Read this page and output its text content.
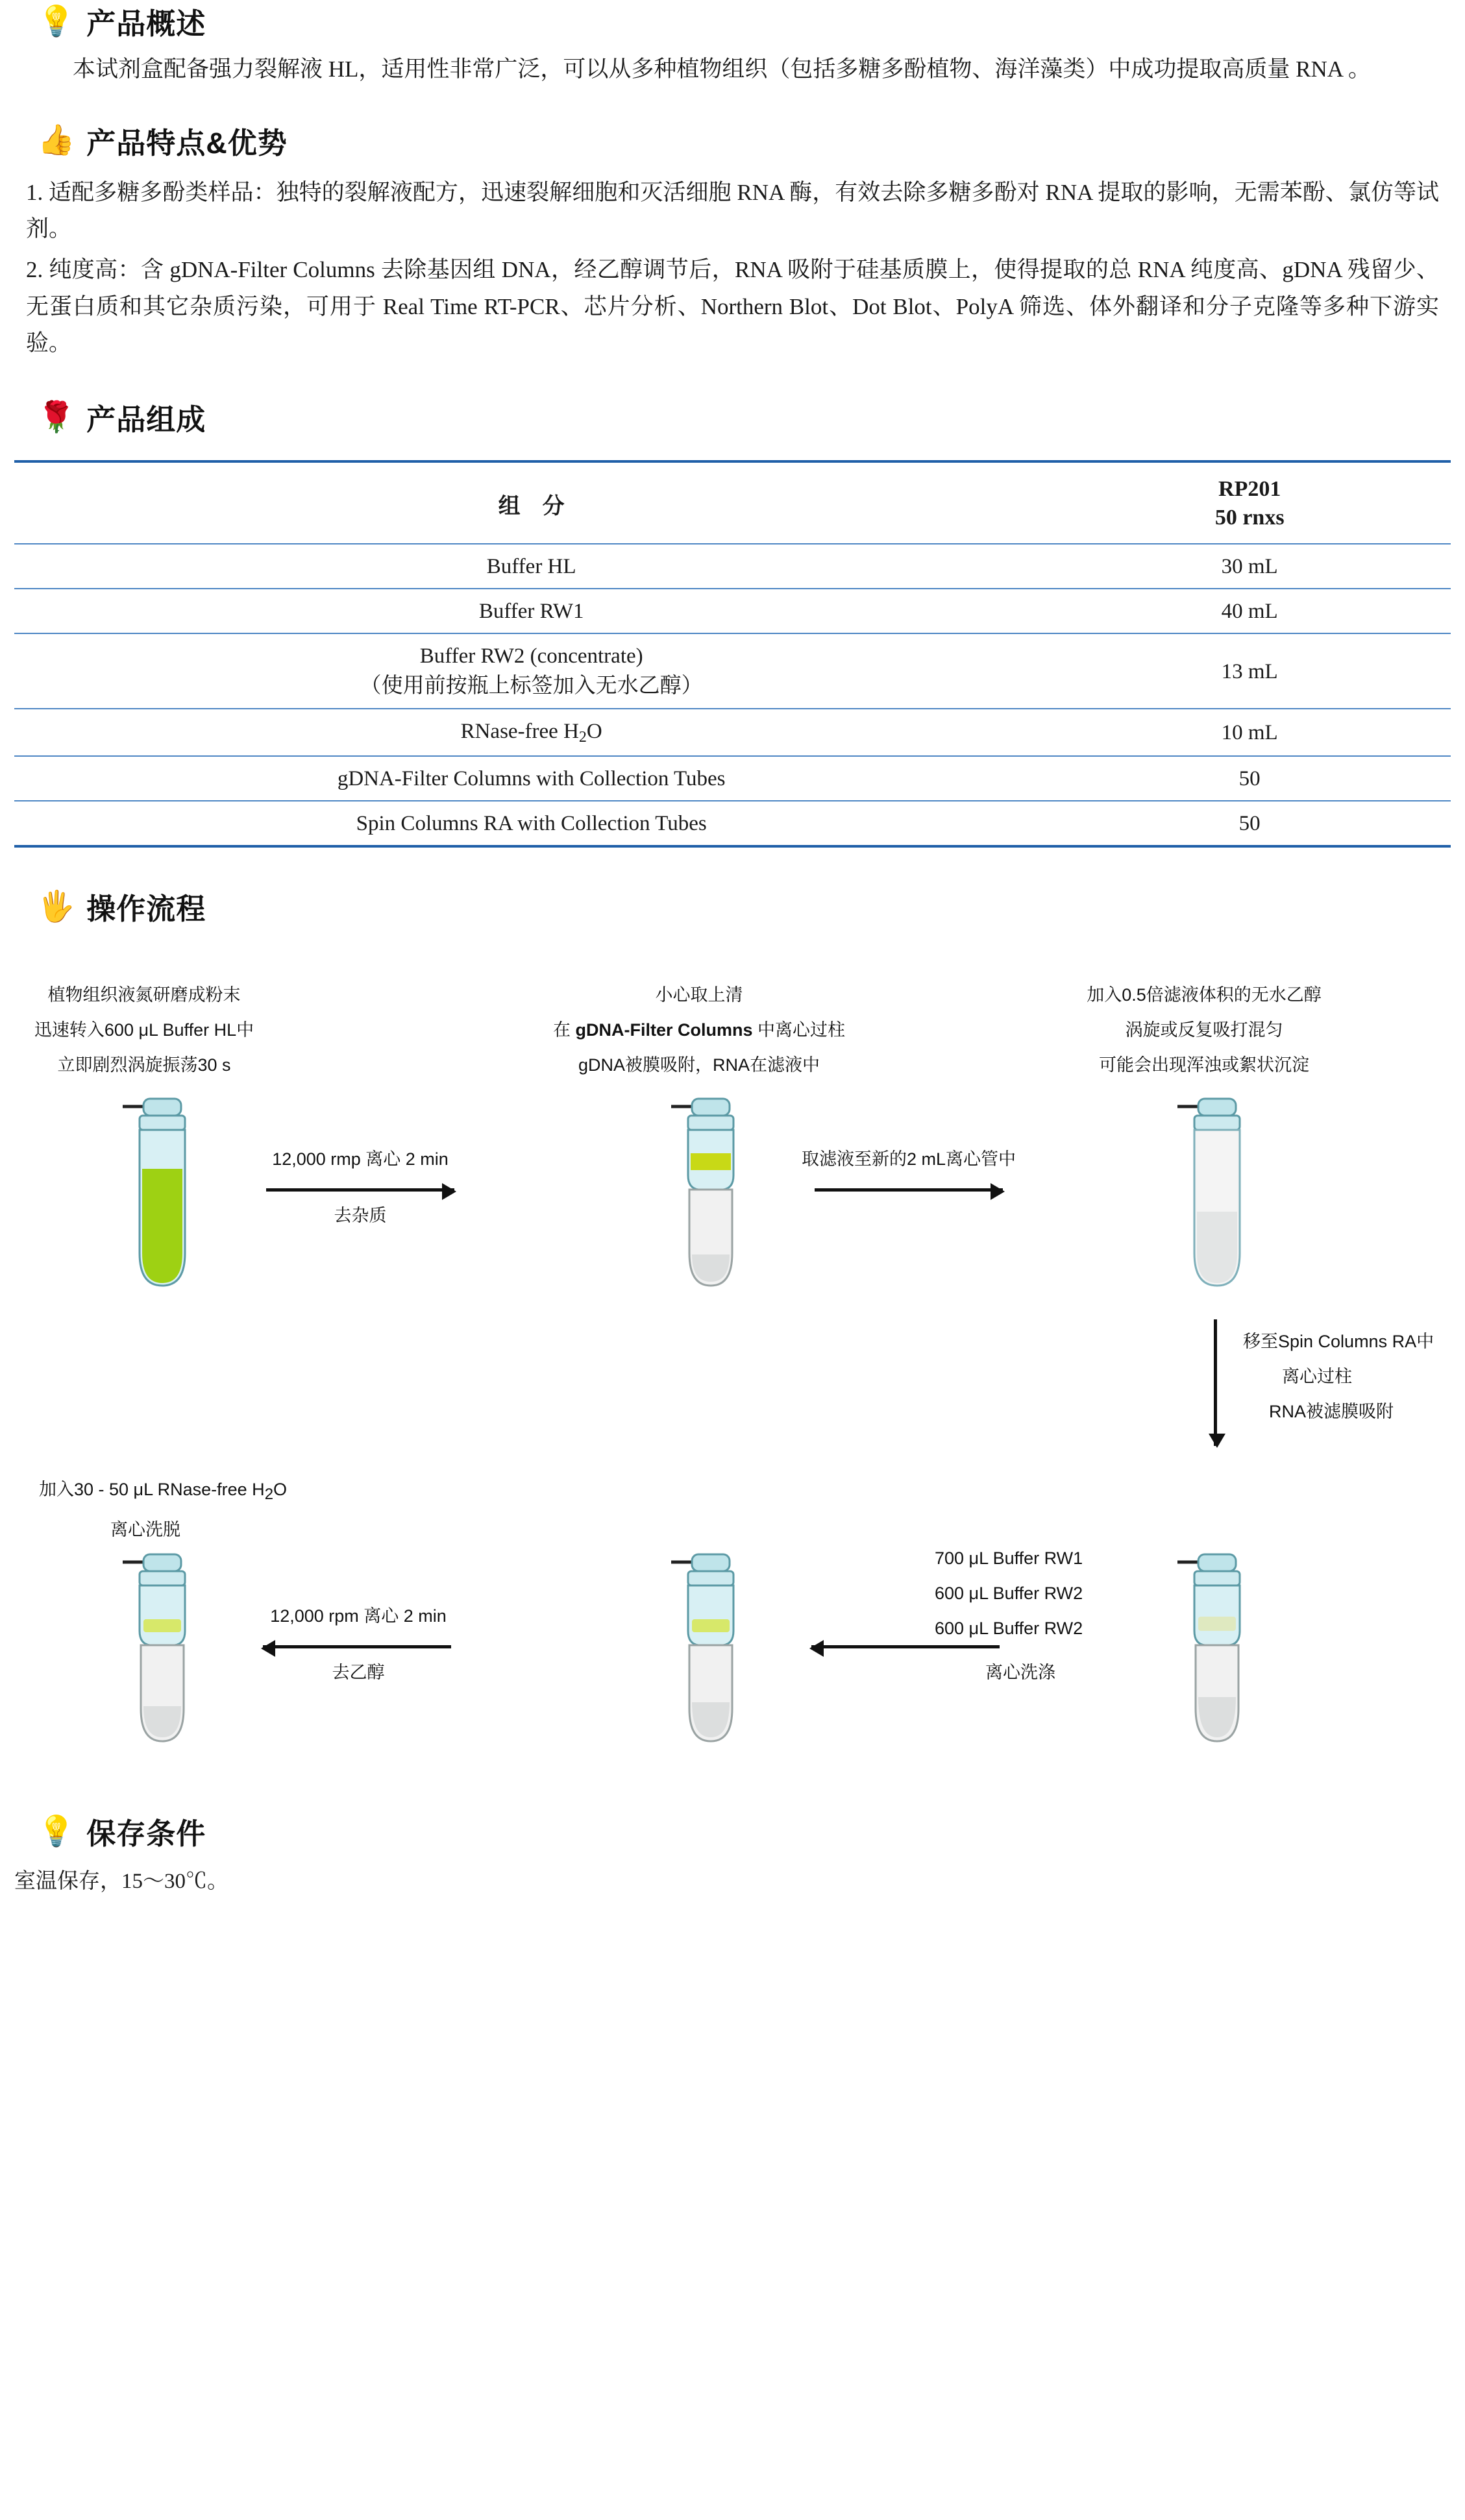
💡 产品概述
本试剂盒配备强力裂解液 HL，适用性非常广泛，可以从多种植物组织（包括多糖多酚植物、海洋藻类）中成功提取高质量 RNA 。
👍 产品特点&优势
1. 适配多糖多酚类样品：独特的裂解液配方，迅速裂解细胞和灭活细胞 RNA 酶，有效去除多糖多酚对 RNA 提取的影响，无需苯酚、氯仿等试剂。
2. 纯度高：含 gDNA-Filter Columns 去除基因组 DNA，经乙醇调节后，RNA 吸附于硅基质膜上，使得提取的总 RNA 纯度高、gDNA 残留少、无蛋白质和其它杂质污染，可用于 Real Time RT-PCR、芯片分析、Northern Blot、Dot Blot、PolyA 筛选、体外翻译和分子克隆等多种下游实验。
🌹 产品组成
组　分	RP201
50 rnxs

Buffer HL	30 mL
Buffer RW1	40 mL

Buffer RW2 (concentrate)
（使用前按瓶上标签加入无水乙醇）	13 mL
RNase-free $H_2O$	10 mL
gDNA-Filter Columns with Collection Tubes	50
Spin Columns RA with Collection Tubes	50
🖐 操作流程
植物组织液氮研磨成粉末
迅速转入600 μL Buffer HL中
立即剧烈涡旋振荡30 s
小心取上清
在 gDNA-Filter Columns 中离心过柱
gDNA被膜吸附，RNA在滤液中
加入0.5倍滤液体积的无水乙醇
涡旋或反复吸打混匀
可能会出现浑浊或絮状沉淀
12,000 rmp 离心 2 min
去杂质
取滤液至新的2 mL离心管中
移至Spin Columns RA中
离心过柱
RNA被滤膜吸附
加入30 - 50 μL RNase-free H2O
离心洗脱
12,000 rpm 离心 2 min
去乙醇
700 μL Buffer RW1
600 μL Buffer RW2
600 μL Buffer RW2
离心洗涤
💡 保存条件
室温保存，15～30℃。
